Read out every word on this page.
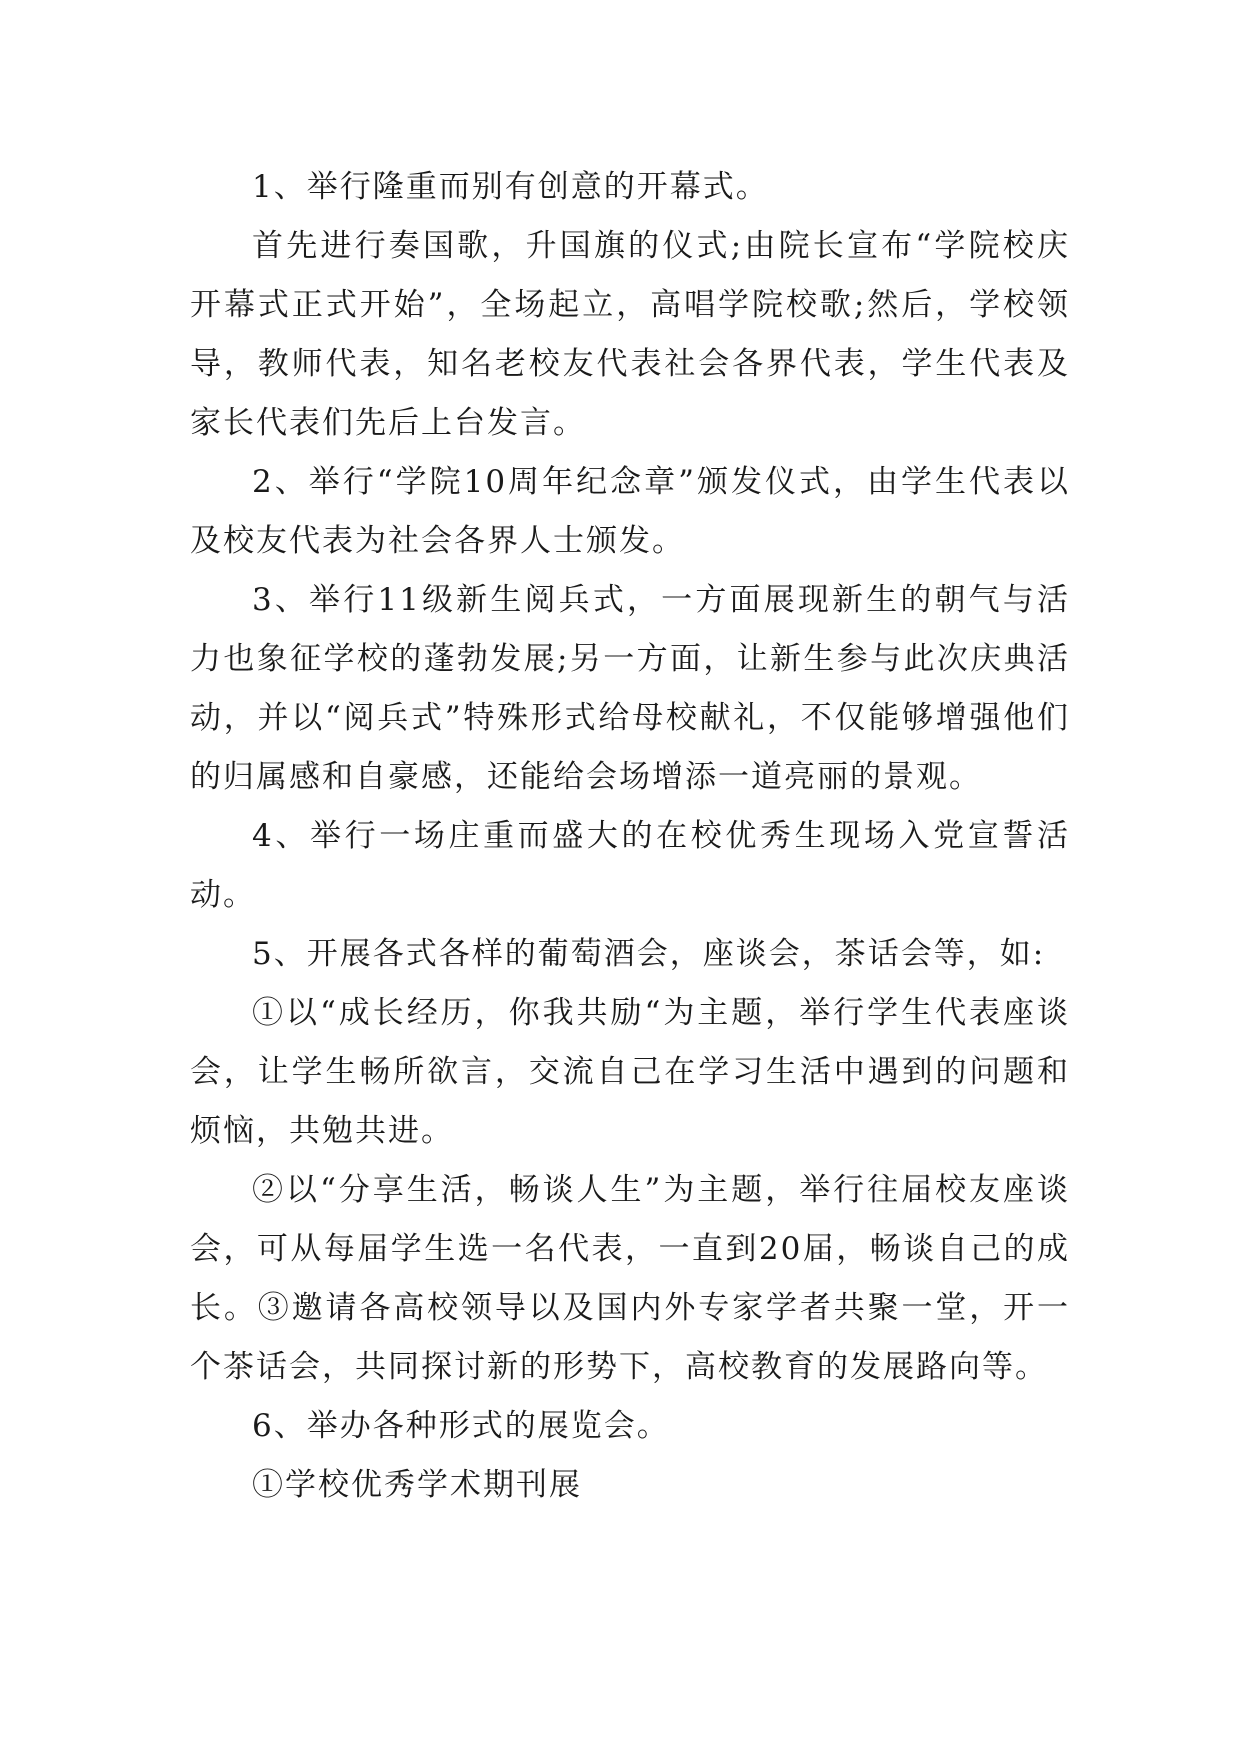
1、举行隆重而别有创意的开幕式。

首先进行奏国歌，升国旗的仪式;由院长宣布“学院校庆开幕式正式开始”，全场起立，高唱学院校歌;然后，学校领导，教师代表，知名老校友代表社会各界代表，学生代表及家长代表们先后上台发言。

2、举行“学院10周年纪念章”颁发仪式，由学生代表以及校友代表为社会各界人士颁发。

3、举行11级新生阅兵式，一方面展现新生的朝气与活力也象征学校的蓬勃发展;另一方面，让新生参与此次庆典活动，并以“阅兵式”特殊形式给母校献礼，不仅能够增强他们的归属感和自豪感，还能给会场增添一道亮丽的景观。

4、举行一场庄重而盛大的在校优秀生现场入党宣誓活动。

5、开展各式各样的葡萄酒会，座谈会，茶话会等，如:

①以“成长经历，你我共励“为主题，举行学生代表座谈会，让学生畅所欲言，交流自己在学习生活中遇到的问题和烦恼，共勉共进。

②以“分享生活，畅谈人生”为主题，举行往届校友座谈会，可从每届学生选一名代表，一直到20届，畅谈自己的成长。③邀请各高校领导以及国内外专家学者共聚一堂，开一个茶话会，共同探讨新的形势下，高校教育的发展路向等。

6、举办各种形式的展览会。

①学校优秀学术期刊展
